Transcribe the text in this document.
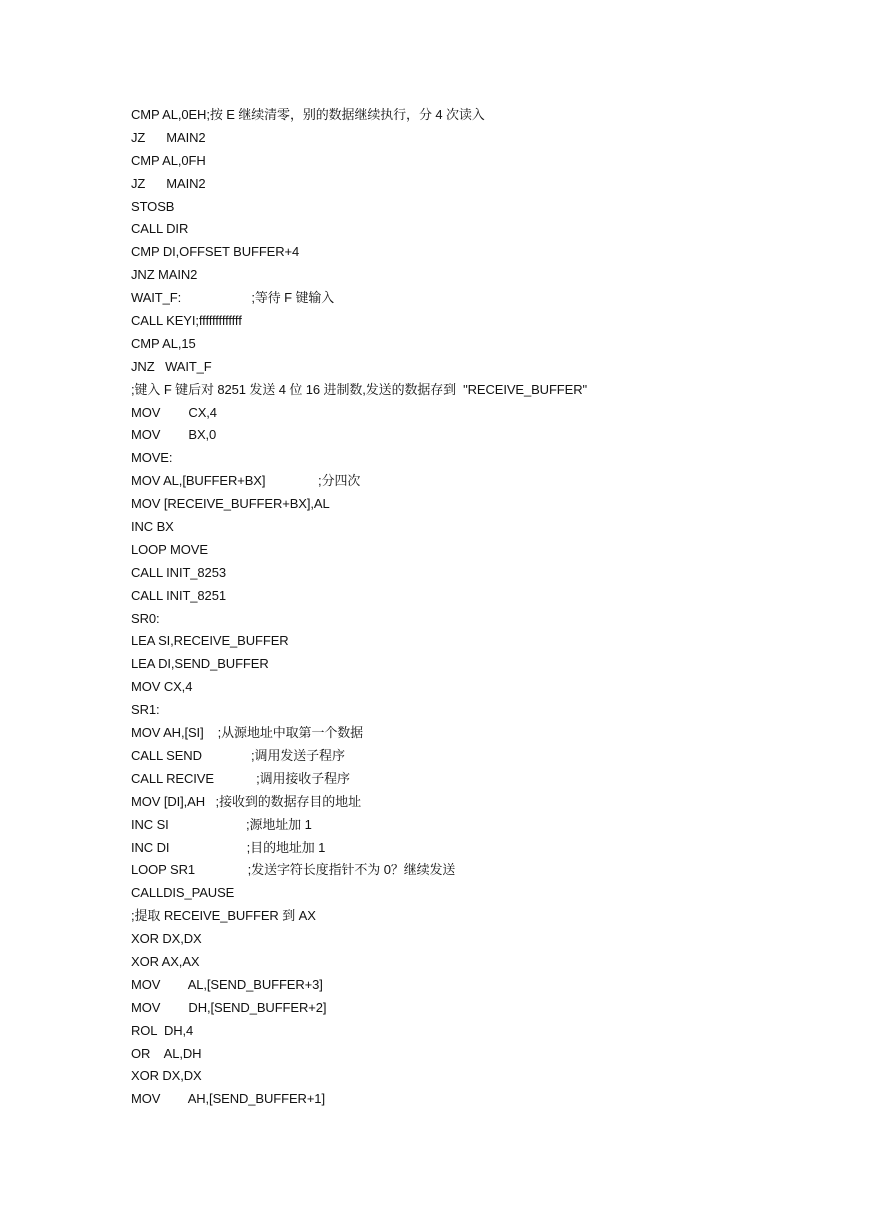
CMP AL,0EH;按 E 继续清零，别的数据继续执行，分 4 次读入
JZ      MAIN2
CMP AL,0FH
JZ      MAIN2
STOSB
CALL DIR
CMP DI,OFFSET BUFFER+4
JNZ MAIN2
WAIT_F:                    ;等待 F 键输入
CALL KEYI;fffffffffffff
CMP AL,15
JNZ   WAIT_F
;键入 F 键后对 8251 发送 4 位 16 进制数,发送的数据存到  "RECEIVE_BUFFER"
MOV        CX,4
MOV        BX,0
MOVE:
MOV AL,[BUFFER+BX]               ;分四次
MOV [RECEIVE_BUFFER+BX],AL
INC BX
LOOP MOVE
CALL INIT_8253
CALL INIT_8251
SR0:
LEA SI,RECEIVE_BUFFER
LEA DI,SEND_BUFFER
MOV CX,4
SR1:
MOV AH,[SI]    ;从源地址中取第一个数据
CALL SEND              ;调用发送子程序
CALL RECIVE            ;调用接收子程序
MOV [DI],AH   ;接收到的数据存目的地址
INC SI                      ;源地址加 1
INC DI                      ;目的地址加 1
LOOP SR1               ;发送字符长度指针不为 0？继续发送
CALLDIS_PAUSE
;提取 RECEIVE_BUFFER 到 AX
XOR DX,DX
XOR AX,AX
MOV        AL,[SEND_BUFFER+3]
MOV        DH,[SEND_BUFFER+2]
ROL  DH,4
OR    AL,DH
XOR DX,DX
MOV        AH,[SEND_BUFFER+1]
